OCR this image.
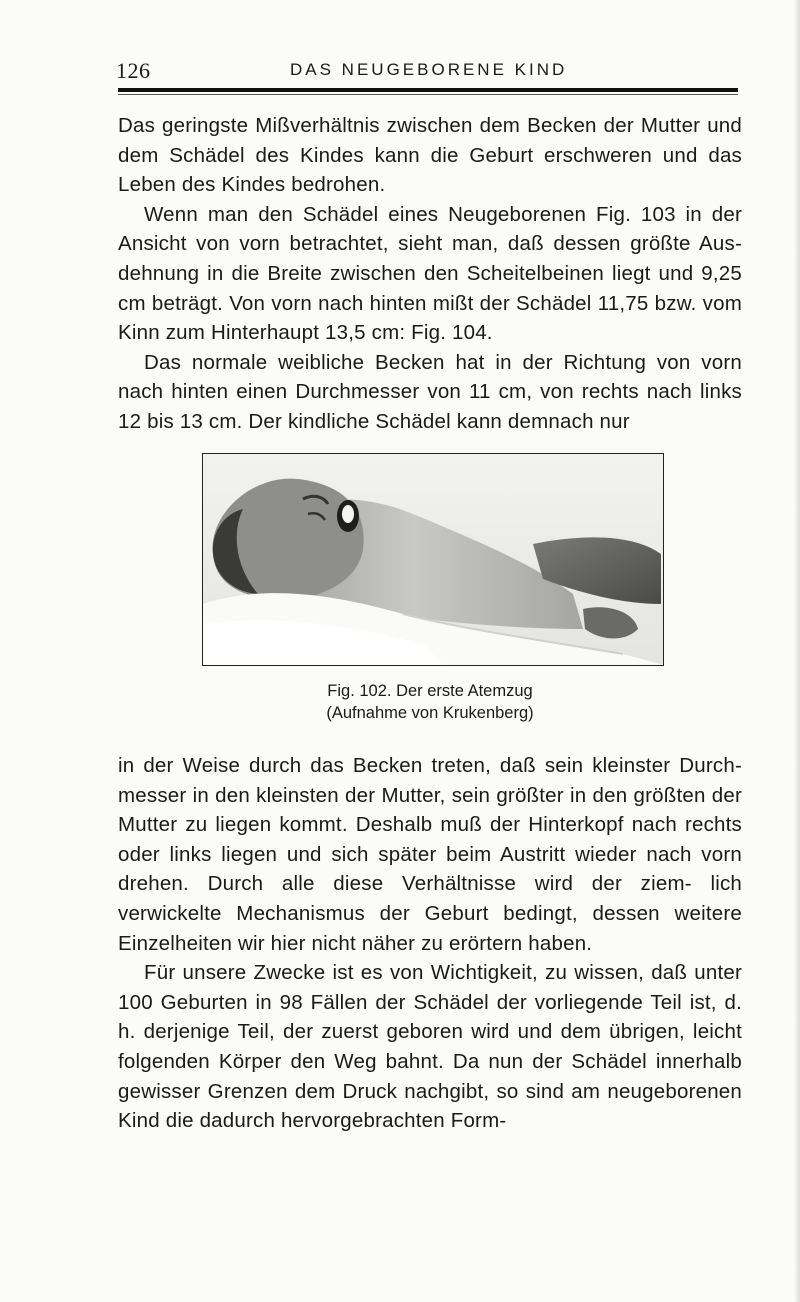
126	DAS NEUGEBORENE KIND

Das geringste Mißverhältnis zwischen dem Becken der Mutter und dem Schädel des Kindes kann die Geburt erschweren und das Leben des Kindes bedrohen.

Wenn man den Schädel eines Neugeborenen Fig. 103 in der Ansicht von vorn betrachtet, sieht man, daß dessen größte Aus- dehnung in die Breite zwischen den Scheitelbeinen liegt und 9,25 cm beträgt. Von vorn nach hinten mißt der Schädel 11,75 bzw. vom Kinn zum Hinterhaupt 13,5 cm: Fig. 104.

Das normale weibliche Becken hat in der Richtung von vorn nach hinten einen Durchmesser von 11 cm, von rechts nach links 12 bis 13 cm. Der kindliche Schädel kann demnach nur

Fig. 102. Der erste Atemzug
(Aufnahme von Krukenberg)

in der Weise durch das Becken treten, daß sein kleinster Durch- messer in den kleinsten der Mutter, sein größter in den größten der Mutter zu liegen kommt. Deshalb muß der Hinterkopf nach rechts oder links liegen und sich später beim Austritt wieder nach vorn drehen. Durch alle diese Verhältnisse wird der ziem- lich verwickelte Mechanismus der Geburt bedingt, dessen weitere Einzelheiten wir hier nicht näher zu erörtern haben.

Für unsere Zwecke ist es von Wichtigkeit, zu wissen, daß unter 100 Geburten in 98 Fällen der Schädel der vorliegende Teil ist, d. h. derjenige Teil, der zuerst geboren wird und dem übrigen, leicht folgenden Körper den Weg bahnt. Da nun der Schädel innerhalb gewisser Grenzen dem Druck nachgibt, so sind am neugeborenen Kind die dadurch hervorgebrachten Form-
